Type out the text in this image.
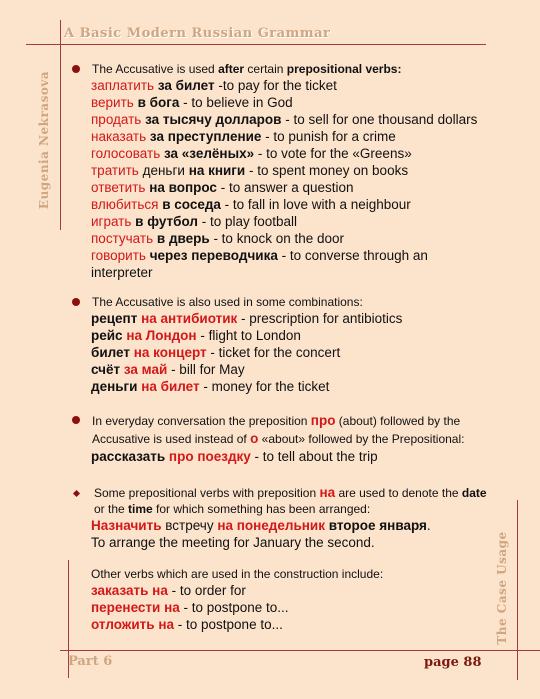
A Basic Modern Russian Grammar
Eugenia Nekrasova
The Case Usage
Part 6	page 88
The Accusative is used after certain prepositional verbs:
заплатить за билет -to pay for the ticket
верить в бога - to believe in God
продать за тысячу долларов - to sell for one thousand dollars
наказать за преступление - to punish for a crime
голосовать за «зелёных» - to vote for the «Greens»
тратить деньги на книги - to spent money on books
ответить на вопрос - to answer a question
влюбиться в соседа - to fall in love with a neighbour
играть в футбол - to play football
постучать в дверь - to knock on the door
говорить через переводчика - to converse through an interpreter
The Accusative is also used in some combinations:
рецепт на антибиотик - prescription for antibiotics
рейс на Лондон - flight to London
билет на концерт - ticket for the concert
счёт за май - bill for May
деньги на билет - money for the ticket
In everyday conversation the preposition про (about) followed by the Accusative is used instead of о «about» followed by the Prepositional:
рассказать про поездку - to tell about the trip
Some prepositional verbs with preposition на are used to denote the date or the time for which something has been arranged:
Назначить встречу на понедельник второе января.
To arrange the meeting for January the second.
Other verbs which are used in the construction include:
заказать на - to order for
перенести на - to postpone to...
отложить на - to postpone to...
